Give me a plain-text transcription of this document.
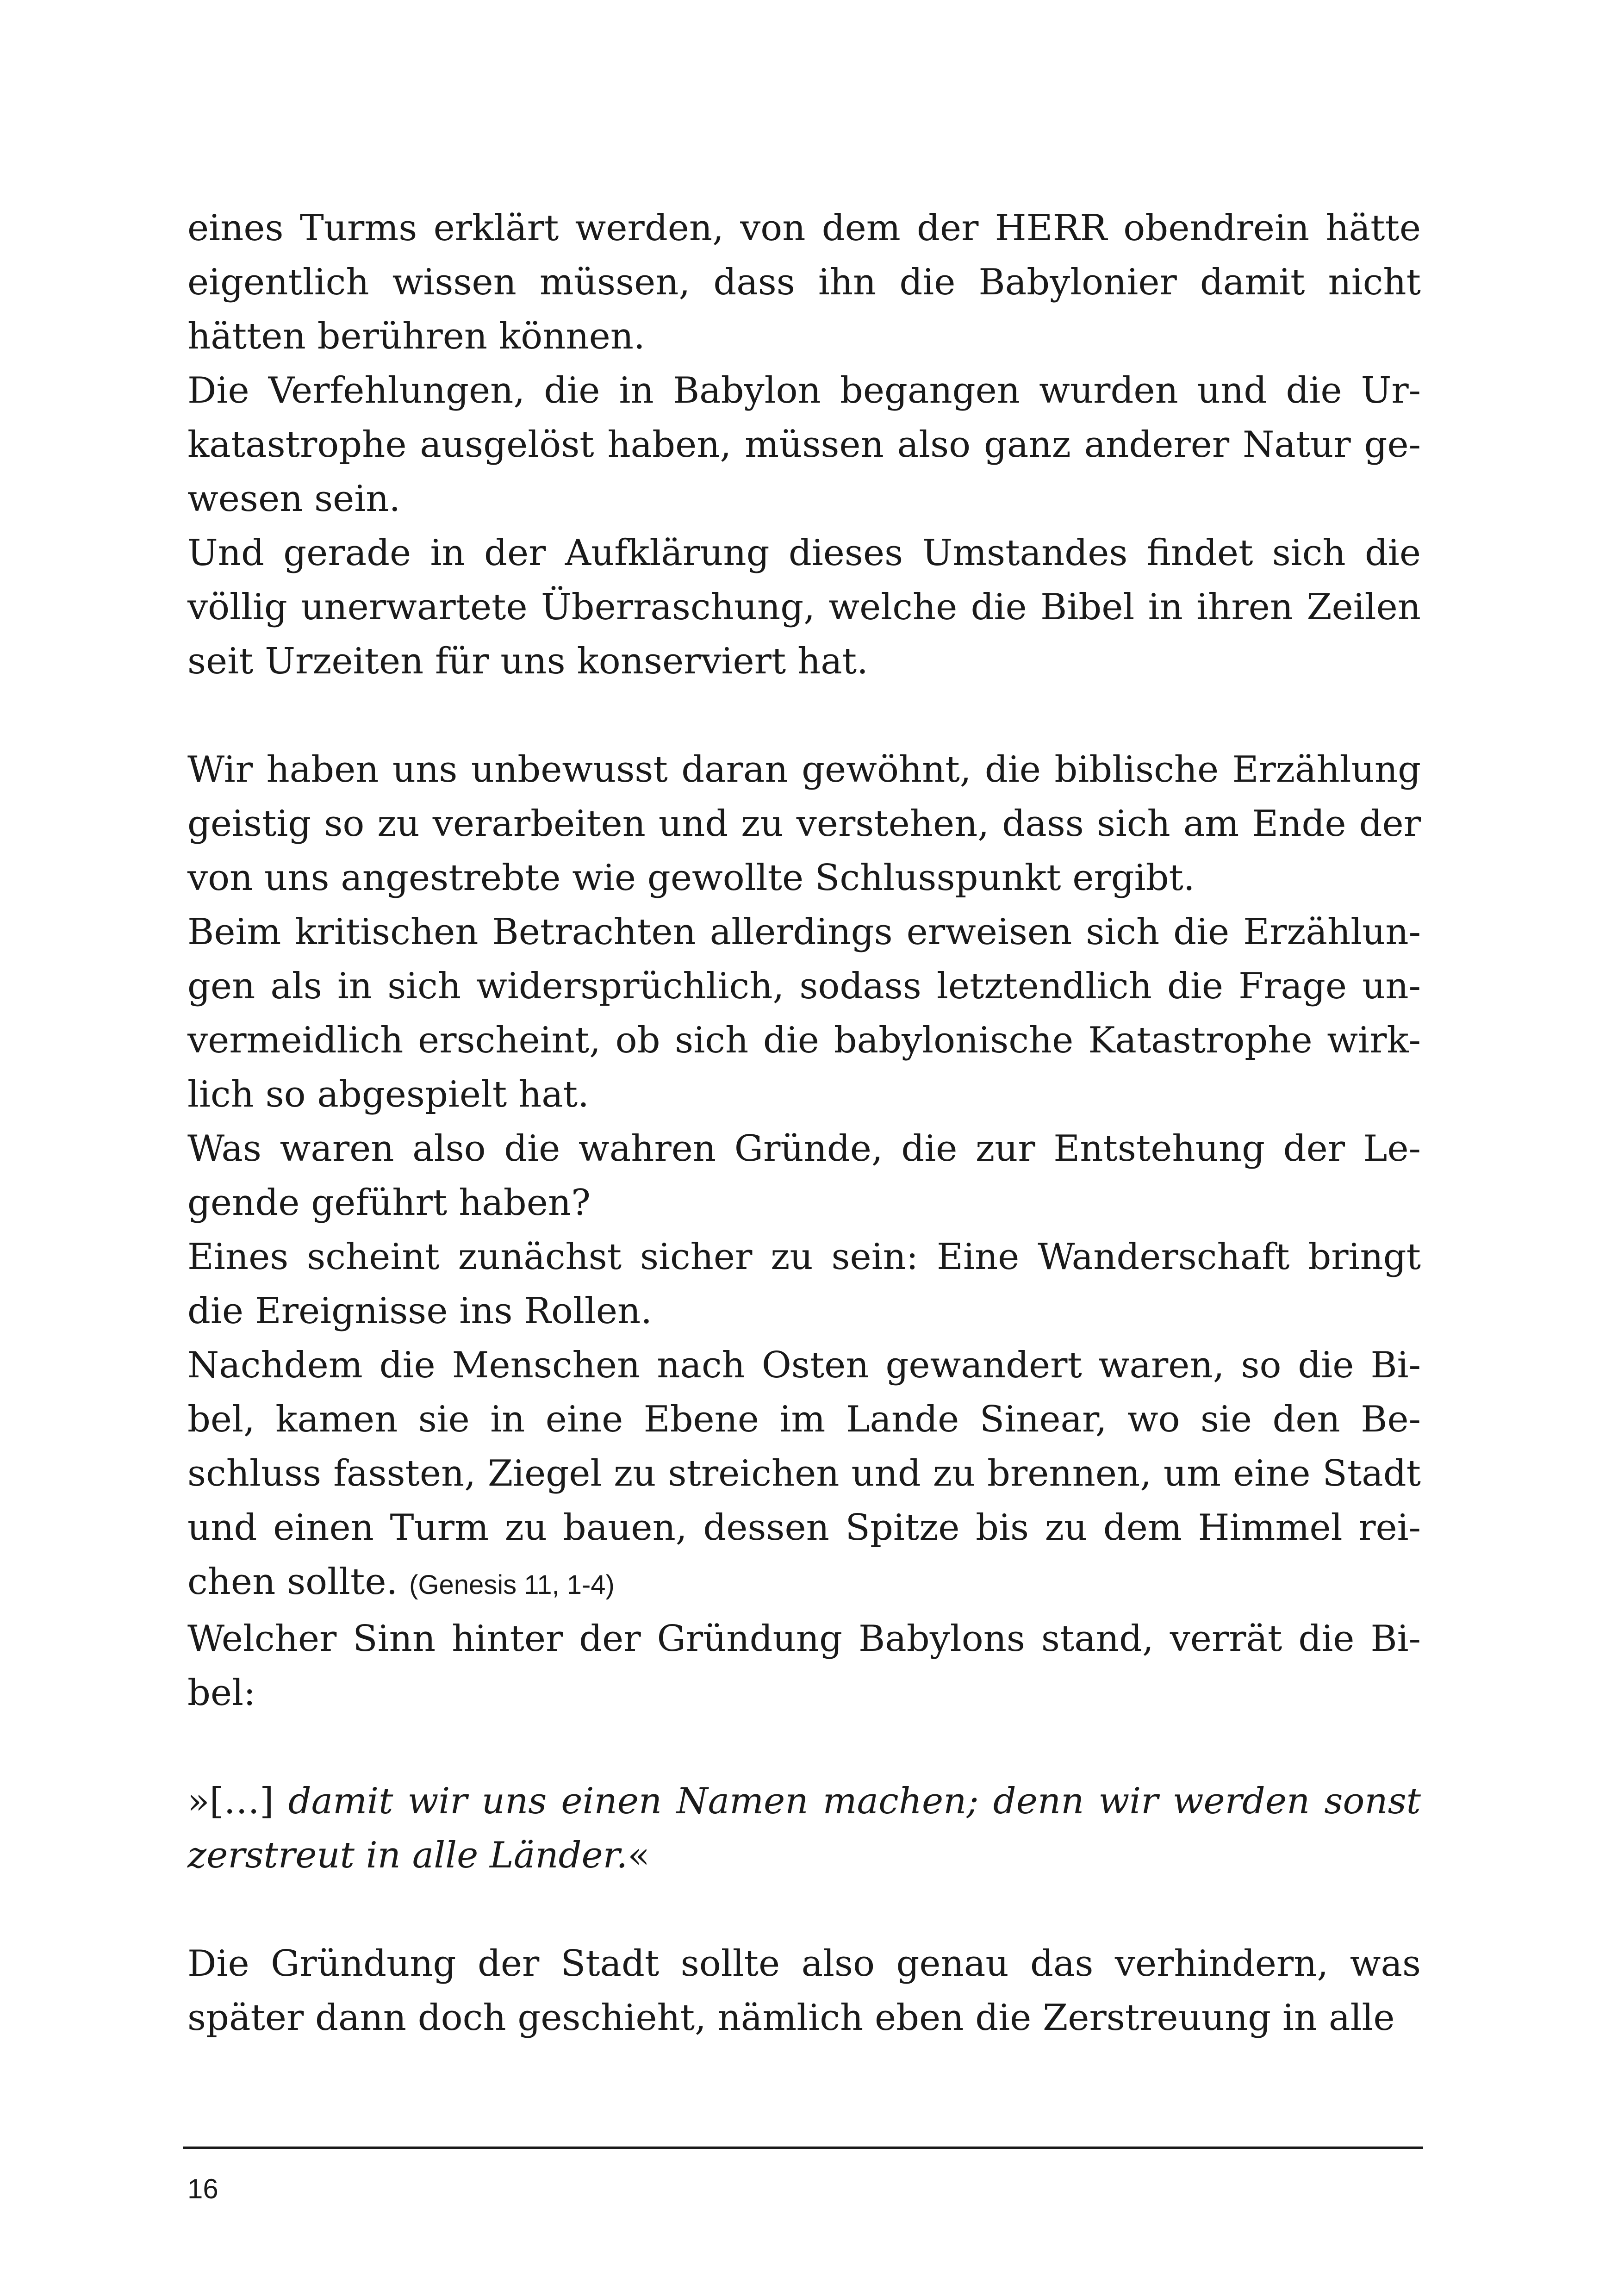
eines Turms erklärt werden, von dem der HERR obendrein hätte eigentlich wissen müssen, dass ihn die Babylonier damit nicht hätten berühren können.

Die Verfehlungen, die in Babylon begangen wurden und die Urkatastrophe ausgelöst haben, müssen also ganz anderer Natur gewesen sein.

Und gerade in der Aufklärung dieses Umstandes findet sich die völlig unerwartete Überraschung, welche die Bibel in ihren Zeilen seit Urzeiten für uns konserviert hat.

Wir haben uns unbewusst daran gewöhnt, die biblische Erzählung geistig so zu verarbeiten und zu verstehen, dass sich am Ende der von uns angestrebte wie gewollte Schlusspunkt ergibt.

Beim kritischen Betrachten allerdings erweisen sich die Erzählungen als in sich widersprüchlich, sodass letztendlich die Frage unvermeidlich erscheint, ob sich die babylonische Katastrophe wirklich so abgespielt hat.

Was waren also die wahren Gründe, die zur Entstehung der Legende geführt haben?

Eines scheint zunächst sicher zu sein: Eine Wanderschaft bringt die Ereignisse ins Rollen.

Nachdem die Menschen nach Osten gewandert waren, so die Bibel, kamen sie in eine Ebene im Lande Sinear, wo sie den Beschluss fassten, Ziegel zu streichen und zu brennen, um eine Stadt und einen Turm zu bauen, dessen Spitze bis zu dem Himmel reichen sollte. (Genesis 11, 1-4)

Welcher Sinn hinter der Gründung Babylons stand, verrät die Bibel:

»[…] damit wir uns einen Namen machen; denn wir werden sonst zerstreut in alle Länder.«

Die Gründung der Stadt sollte also genau das verhindern, was später dann doch geschieht, nämlich eben die Zerstreuung in alle

16
